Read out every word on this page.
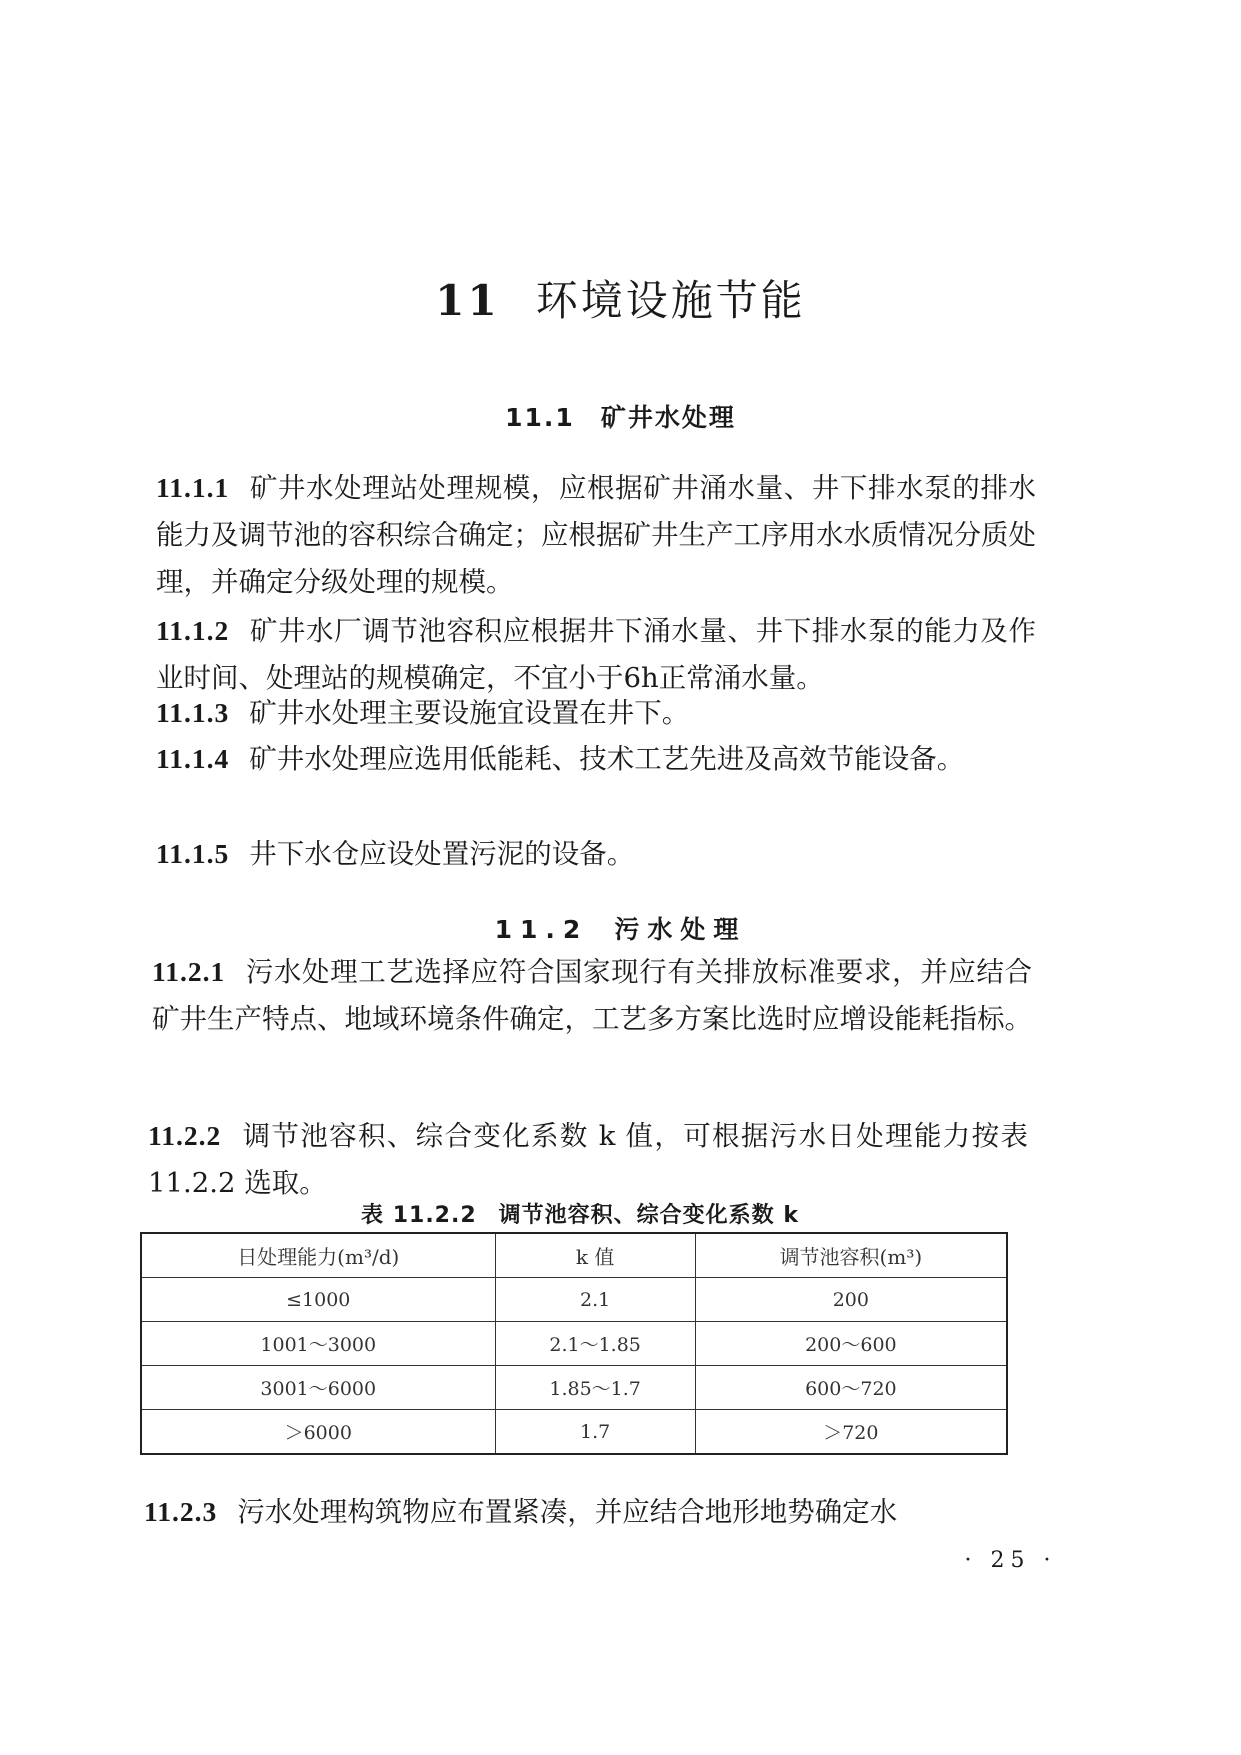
11 环境设施节能
11.1 矿井水处理
11.1.1 矿井水处理站处理规模，应根据矿井涌水量、井下排水泵的排水能力及调节池的容积综合确定；应根据矿井生产工序用水水质情况分质处理，并确定分级处理的规模。
11.1.2 矿井水厂调节池容积应根据井下涌水量、井下排水泵的能力及作业时间、处理站的规模确定，不宜小于6h正常涌水量。
11.1.3 矿井水处理主要设施宜设置在井下。
11.1.4 矿井水处理应选用低能耗、技术工艺先进及高效节能设备。
11.1.5 井下水仓应设处置污泥的设备。
11.2 污水处理
11.2.1 污水处理工艺选择应符合国家现行有关排放标准要求，并应结合矿井生产特点、地域环境条件确定，工艺多方案比选时应增设能耗指标。
11.2.2 调节池容积、综合变化系数 k 值，可根据污水日处理能力按表 11.2.2 选取。
表 11.2.2 调节池容积、综合变化系数 k
日处理能力(m³/d)	k 值	调节池容积(m³)
≤1000	2.1	200
1001～3000	2.1～1.85	200～600
3001～6000	1.85～1.7	600～720
＞6000	1.7	＞720
11.2.3 污水处理构筑物应布置紧凑，并应结合地形地势确定水
· 25 ·
